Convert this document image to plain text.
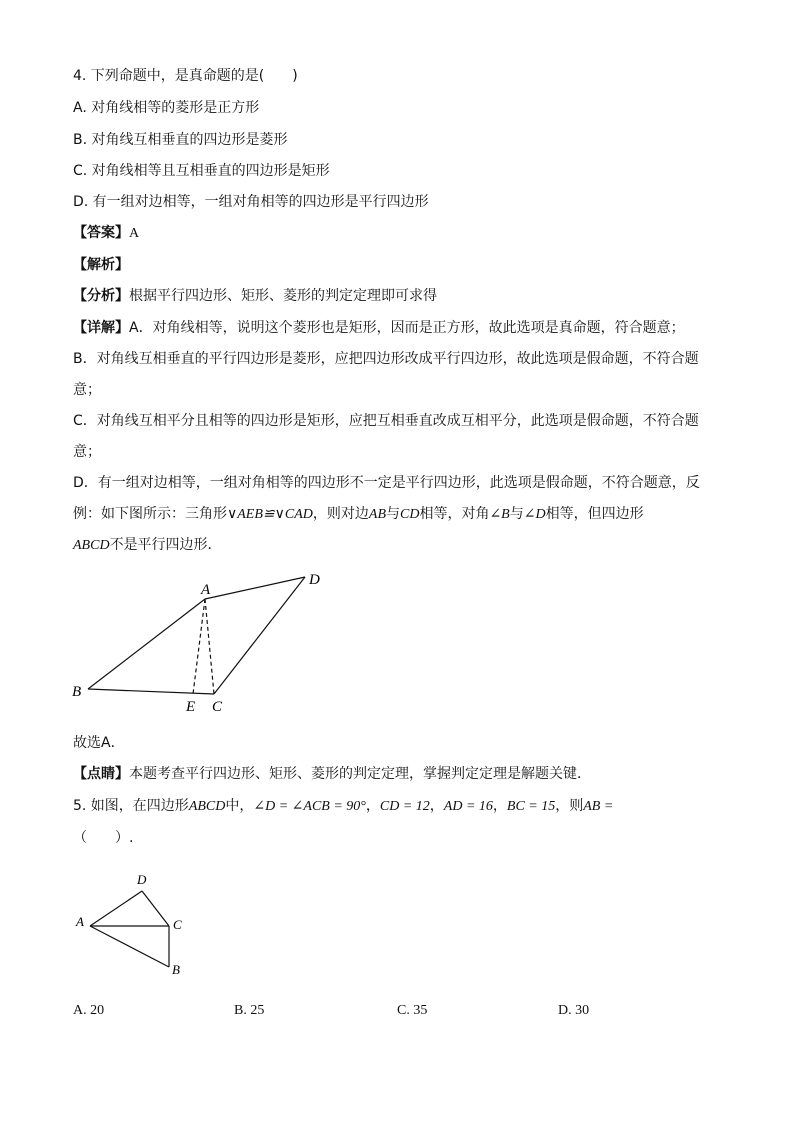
4. 下列命题中，是真命题的是(　　)
A. 对角线相等的菱形是正方形
B. 对角线互相垂直的四边形是菱形
C. 对角线相等且互相垂直的四边形是矩形
D. 有一组对边相等，一组对角相等的四边形是平行四边形
【答案】A
【解析】
【分析】根据平行四边形、矩形、菱形的判定定理即可求得
【详解】A．对角线相等，说明这个菱形也是矩形，因而是正方形，故此选项是真命题，符合题意；
B．对角线互相垂直的平行四边形是菱形，应把四边形改成平行四边形，故此选项是假命题，不符合题
意；
C．对角线互相平分且相等的四边形是矩形，应把互相垂直改成互相平分，此选项是假命题，不符合题
意；
D．有一组对边相等，一组对角相等的四边形不一定是平行四边形，此选项是假命题，不符合题意，反
例：如下图所示：三角形∨AEB≌∨CAD，则对边AB与CD相等，对角∠B与∠D相等，但四边形
ABCD不是平行四边形．
A
D
B
E C
故选A．
【点睛】本题考查平行四边形、矩形、菱形的判定定理，掌握判定定理是解题关键．
5. 如图，在四边形ABCD中，∠D = ∠ACB = 90°，CD = 12，AD = 16，BC = 15，则AB =
（　　）.
D
A	C
B
A. 20	B. 25	C. 35	D. 30
